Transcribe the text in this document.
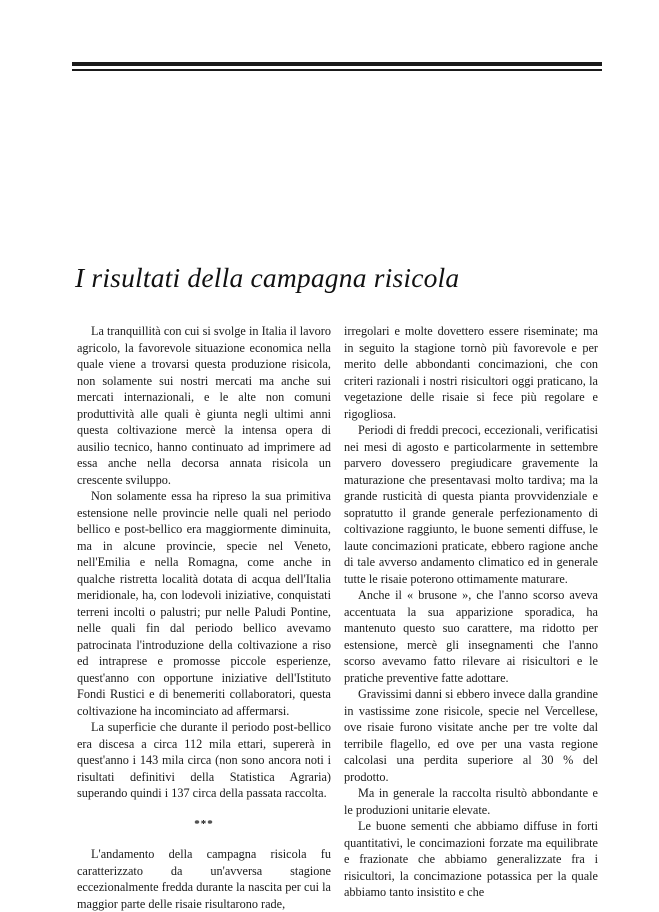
I risultati della campagna risicola

La tranquillità con cui si svolge in Italia il lavoro agricolo, la favorevole situazione economica nella quale viene a trovarsi questa produzione risicola, non solamente sui nostri mercati ma anche sui mercati internazionali, e le alte non comuni produttività alle quali è giunta negli ultimi anni questa coltivazione mercè la intensa opera di ausilio tecnico, hanno continuato ad imprimere ad essa anche nella decorsa annata risicola un crescente sviluppo.

Non solamente essa ha ripreso la sua primitiva estensione nelle provincie nelle quali nel periodo bellico e post-bellico era maggiormente diminuita, ma in alcune provincie, specie nel Veneto, nell'Emilia e nella Romagna, come anche in qualche ristretta località dotata di acqua dell'Italia meridionale, ha, con lodevoli iniziative, conquistati terreni incolti o palustri; pur nelle Paludi Pontine, nelle quali fin dal periodo bellico avevamo patrocinata l'introduzione della coltivazione a riso ed intraprese e promosse piccole esperienze, quest'anno con opportune iniziative dell'Istituto Fondi Rustici e di benemeriti collaboratori, questa coltivazione ha incominciato ad affermarsi.

La superficie che durante il periodo post-bellico era discesa a circa 112 mila ettari, supererà in quest'anno i 143 mila circa (non sono ancora noti i risultati definitivi della Statistica Agraria) superando quindi i 137 circa della passata raccolta.

***

L'andamento della campagna risicola fu caratterizzato da un'avversa stagione eccezionalmente fredda durante la nascita per cui la maggior parte delle risaie risultarono rade,

irregolari e molte dovettero essere riseminate; ma in seguito la stagione tornò più favorevole e per merito delle abbondanti concimazioni, che con criteri razionali i nostri risicultori oggi praticano, la vegetazione delle risaie si fece più regolare e rigogliosa.

Periodi di freddi precoci, eccezionali, verificatisi nei mesi di agosto e particolarmente in settembre parvero dovessero pregiudicare gravemente la maturazione che presentavasi molto tardiva; ma la grande rusticità di questa pianta provvidenziale e sopratutto il grande generale perfezionamento di coltivazione raggiunto, le buone sementi diffuse, le laute concimazioni praticate, ebbero ragione anche di tale avverso andamento climatico ed in generale tutte le risaie poterono ottimamente maturare.

Anche il « brusone », che l'anno scorso aveva accentuata la sua apparizione sporadica, ha mantenuto questo suo carattere, ma ridotto per estensione, mercè gli insegnamenti che l'anno scorso avevamo fatto rilevare ai risicultori e le pratiche preventive fatte adottare.

Gravissimi danni si ebbero invece dalla grandine in vastissime zone risicole, specie nel Vercellese, ove risaie furono visitate anche per tre volte dal terribile flagello, ed ove per una vasta regione calcolasi una perdita superiore al 30 % del prodotto.

Ma in generale la raccolta risultò abbondante e le produzioni unitarie elevate.

Le buone sementi che abbiamo diffuse in forti quantitativi, le concimazioni forzate ma equilibrate e frazionate che abbiamo generalizzate fra i risicultori, la concimazione potassica per la quale abbiamo tanto insistito e che
